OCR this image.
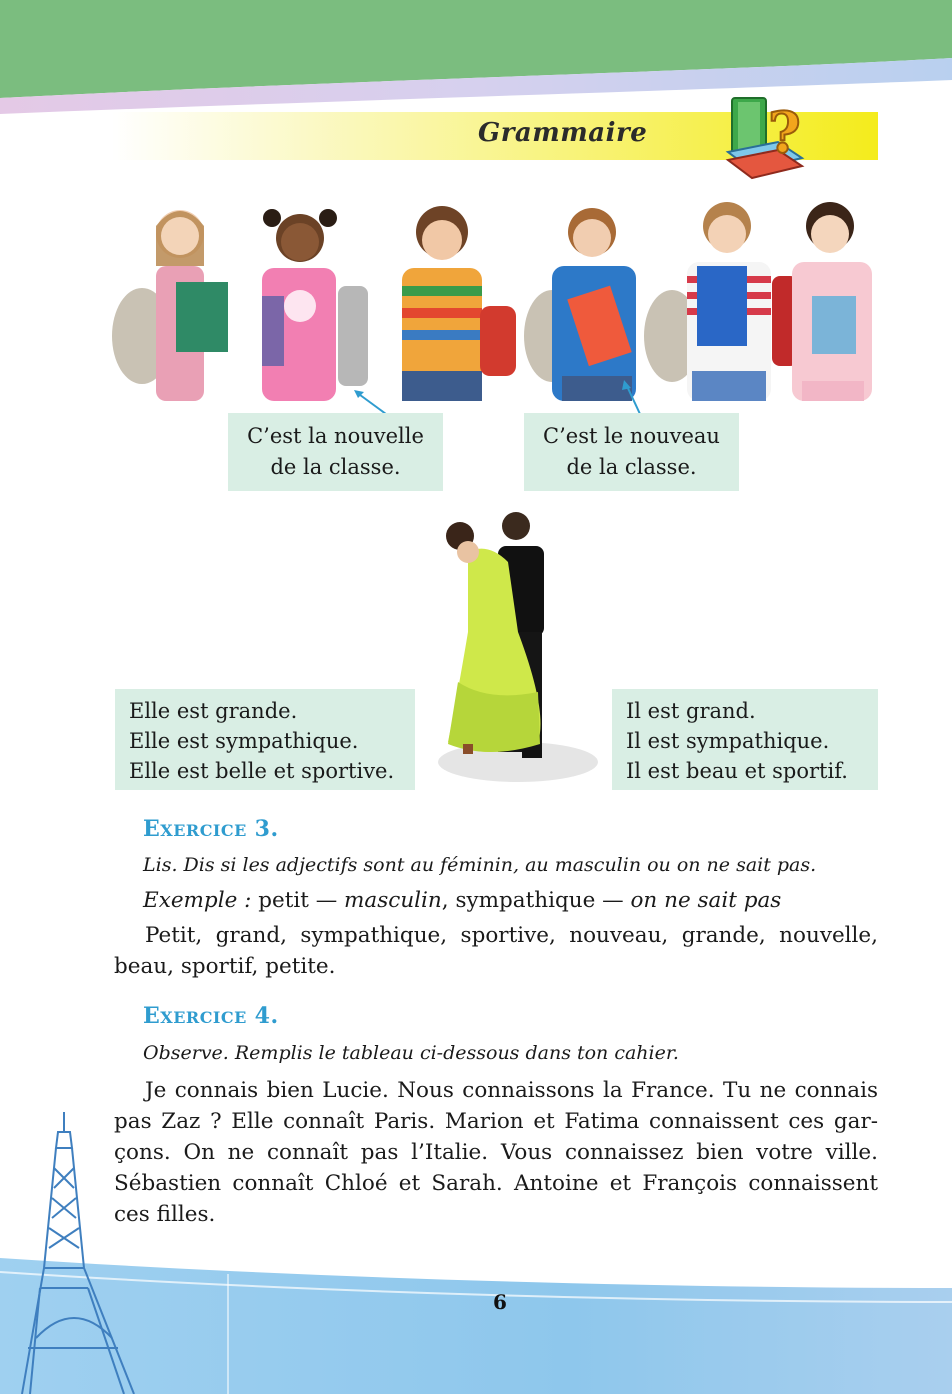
Grammaire	?
C’est la nouvelle
de la classe.
C’est le nouveau
de la classe.
Elle est grande.
Elle est sympathique.
Elle est belle et sportive.
Il est grand.
Il est sympathique.
Il est beau et sportif.
EXERCICE 3.
Lis. Dis si les adjectifs sont au féminin, au masculin ou on ne sait pas.
Exemple : petit — masculin, sympathique — on ne sait pas
Petit, grand, sympathique, sportive, nouveau, grande, nouvelle,
beau, sportif, petite.
EXERCICE 4.
Observe. Remplis le tableau ci-dessous dans ton cahier.
Je connais bien Lucie. Nous connaissons la France. Tu ne connais
pas Zaz ? Elle connaît Paris. Marion et Fatima connaissent ces gar-
çons. On ne connaît pas l’Italie. Vous connaissez bien votre ville.
Sébastien connaît Chloé et Sarah. Antoine et François connaissent
ces filles.
6
